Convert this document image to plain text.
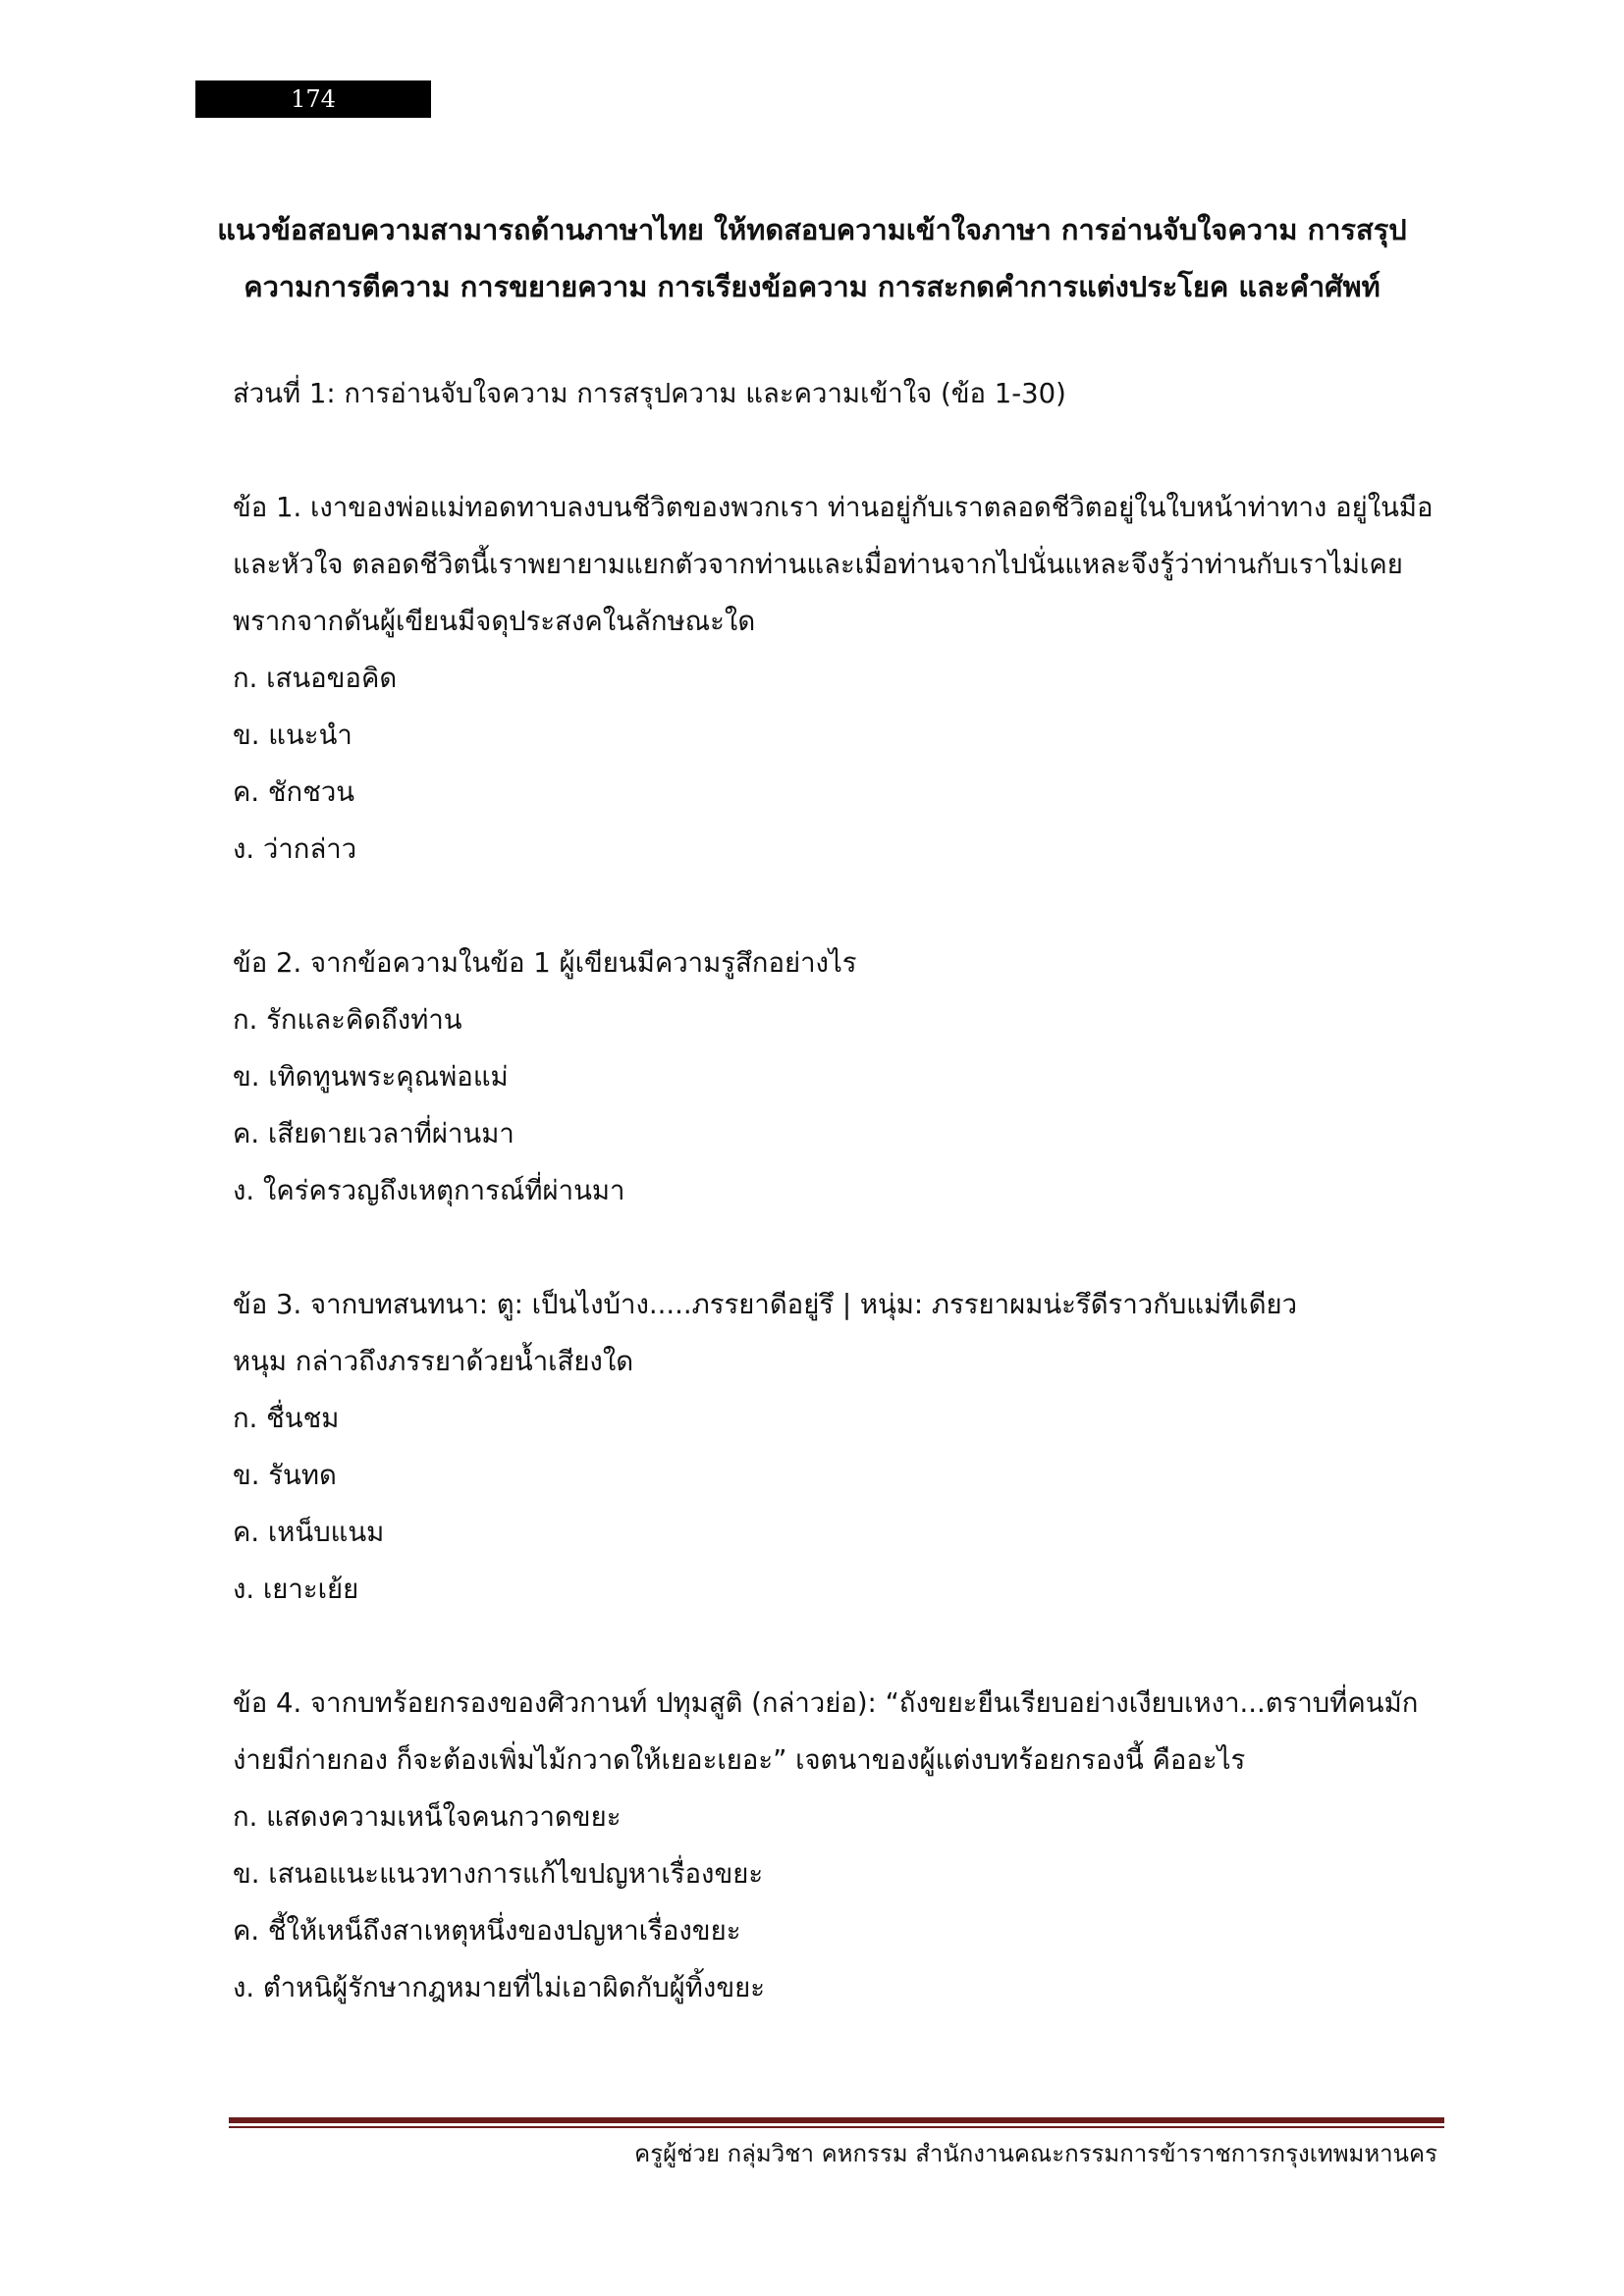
174
แนวข้อสอบความสามารถด้านภาษาไทย ให้ทดสอบความเข้าใจภาษา การอ่านจับใจความ การสรุป
ความการตีความ การขยายความ การเรียงข้อความ การสะกดคำการแต่งประโยค และคำศัพท์
ส่วนที่ 1: การอ่านจับใจความ การสรุปความ และความเข้าใจ (ข้อ 1-30)
ข้อ 1. เงาของพ่อแม่ทอดทาบลงบนชีวิตของพวกเรา ท่านอยู่กับเราตลอดชีวิตอยู่ในใบหน้าท่าทาง อยู่ในมือ
และหัวใจ ตลอดชีวิตนี้เราพยายามแยกตัวจากท่านและเมื่อท่านจากไปนั่นแหละจึงรู้ว่าท่านกับเราไม่เคย
พรากจากดันผู้เขียนมีจดุประสงคในลักษณะใด
ก. เสนอขอคิด
ข. แนะนำ
ค. ชักชวน
ง. ว่ากล่าว
ข้อ 2. จากข้อความในข้อ 1 ผู้เขียนมีความรูสึกอย่างไร
ก. รักและคิดถึงท่าน
ข. เทิดทูนพระคุณพ่อแม่
ค. เสียดายเวลาที่ผ่านมา
ง. ใคร่ครวญถึงเหตุการณ์ที่ผ่านมา
ข้อ 3. จากบทสนทนา: ตู: เป็นไงบ้าง.....ภรรยาดีอยู่รึ | หนุ่ม: ภรรยาผมน่ะรึดีราวกับแม่ทีเดียว
หนุม กล่าวถึงภรรยาด้วยน้ำเสียงใด
ก. ชื่นชม
ข. รันทด
ค. เหน็บแนม
ง. เยาะเย้ย
ข้อ 4. จากบทร้อยกรองของศิวกานท์ ปทุมสูติ (กล่าวย่อ): “ถังขยะยืนเรียบอย่างเงียบเหงา...ตราบที่คนมัก
ง่ายมีก่ายกอง ก็จะต้องเพิ่มไม้กวาดให้เยอะเยอะ” เจตนาของผู้แต่งบทร้อยกรองนี้ คืออะไร
ก. แสดงความเหน็ใจคนกวาดขยะ
ข. เสนอแนะแนวทางการแก้ไขปญหาเรื่องขยะ
ค. ชี้ให้เหน็ถึงสาเหตุหนึ่งของปญหาเรื่องขยะ
ง. ตำหนิผู้รักษากฎหมายที่ไม่เอาผิดกับผู้ทิ้งขยะ
ครูผู้ช่วย กลุ่มวิชา คหกรรม สำนักงานคณะกรรมการข้าราชการกรุงเทพมหานคร
